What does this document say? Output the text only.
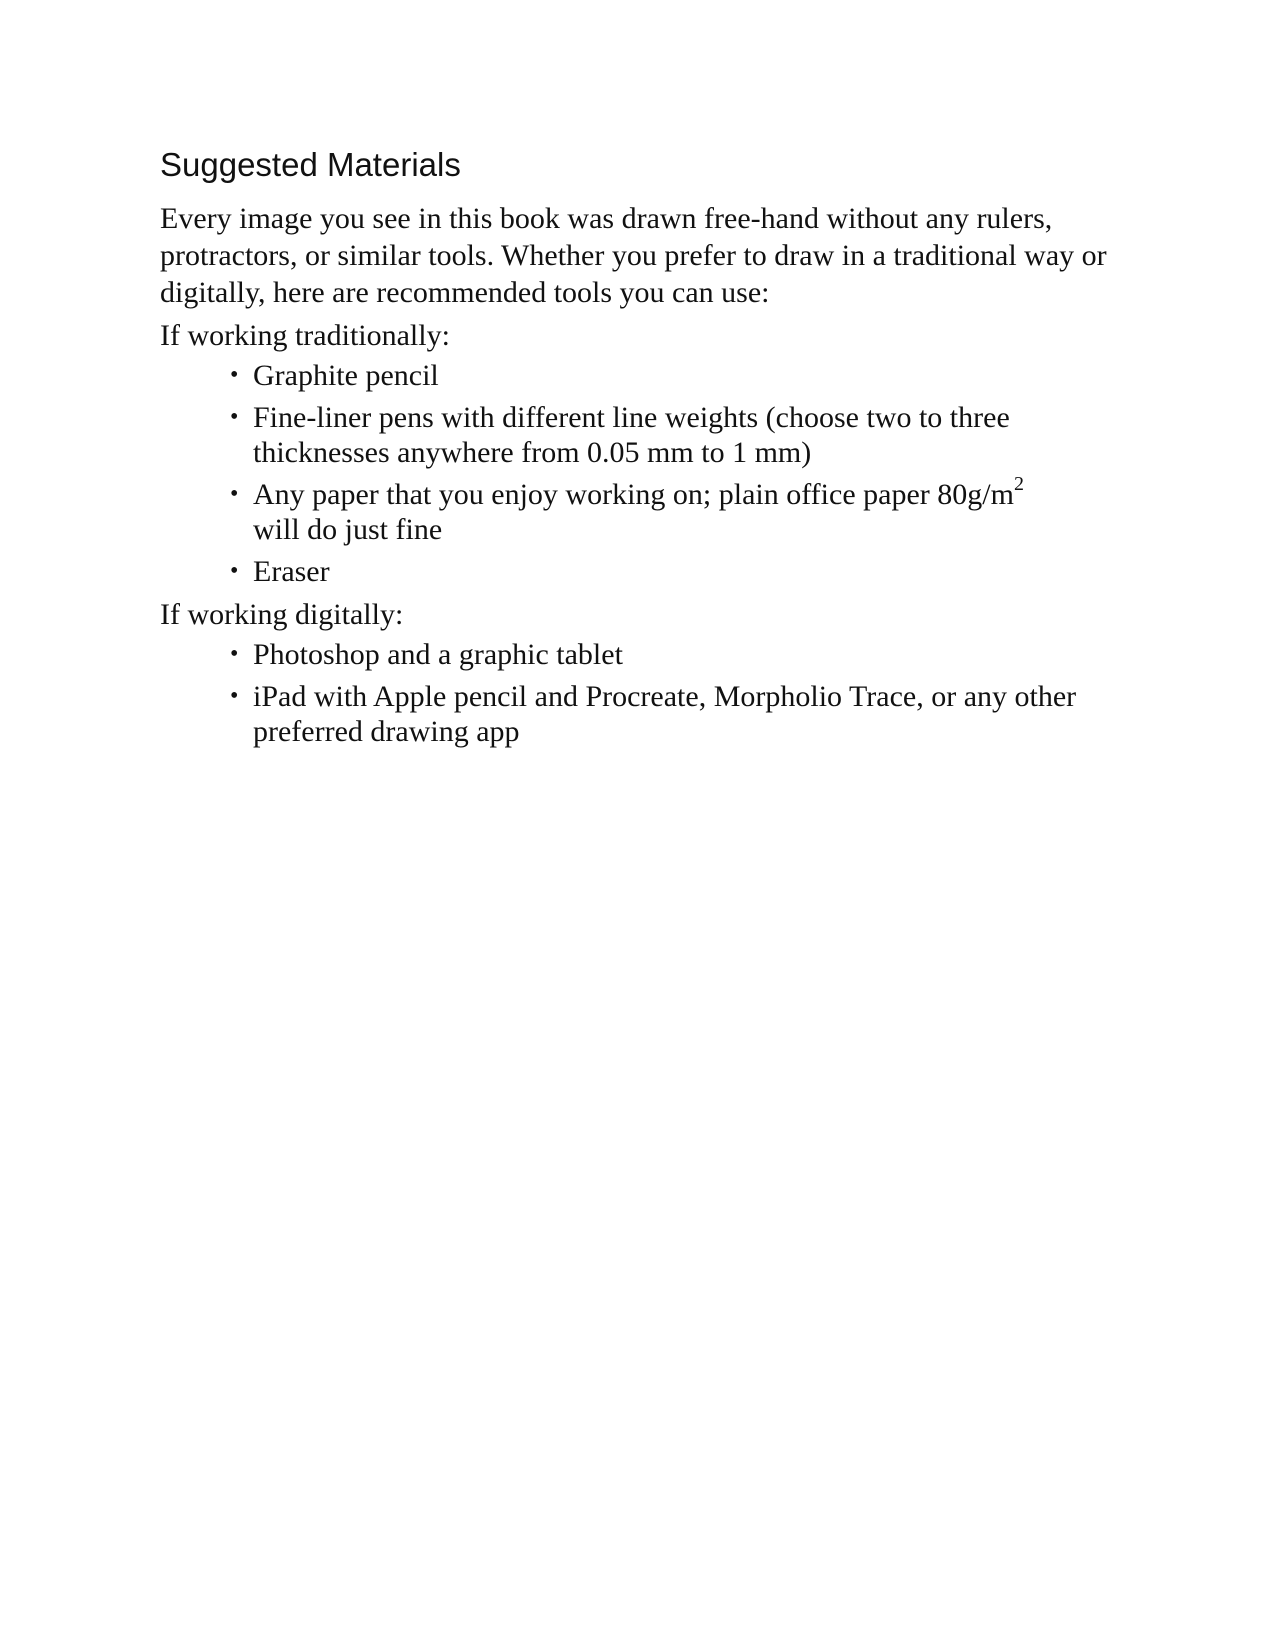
Suggested Materials

Every image you see in this book was drawn free-hand without any rulers, protractors, or similar tools. Whether you prefer to draw in a traditional way or digitally, here are recommended tools you can use:

If working traditionally:

• Graphite pencil
• Fine-liner pens with different line weights (choose two to three thicknesses anywhere from 0.05 mm to 1 mm)
• Any paper that you enjoy working on; plain office paper $80g/m^2$
will do just fine
• Eraser

If working digitally:

• Photoshop and a graphic tablet
• iPad with Apple pencil and Procreate, Morpholio Trace, or any other preferred drawing app
